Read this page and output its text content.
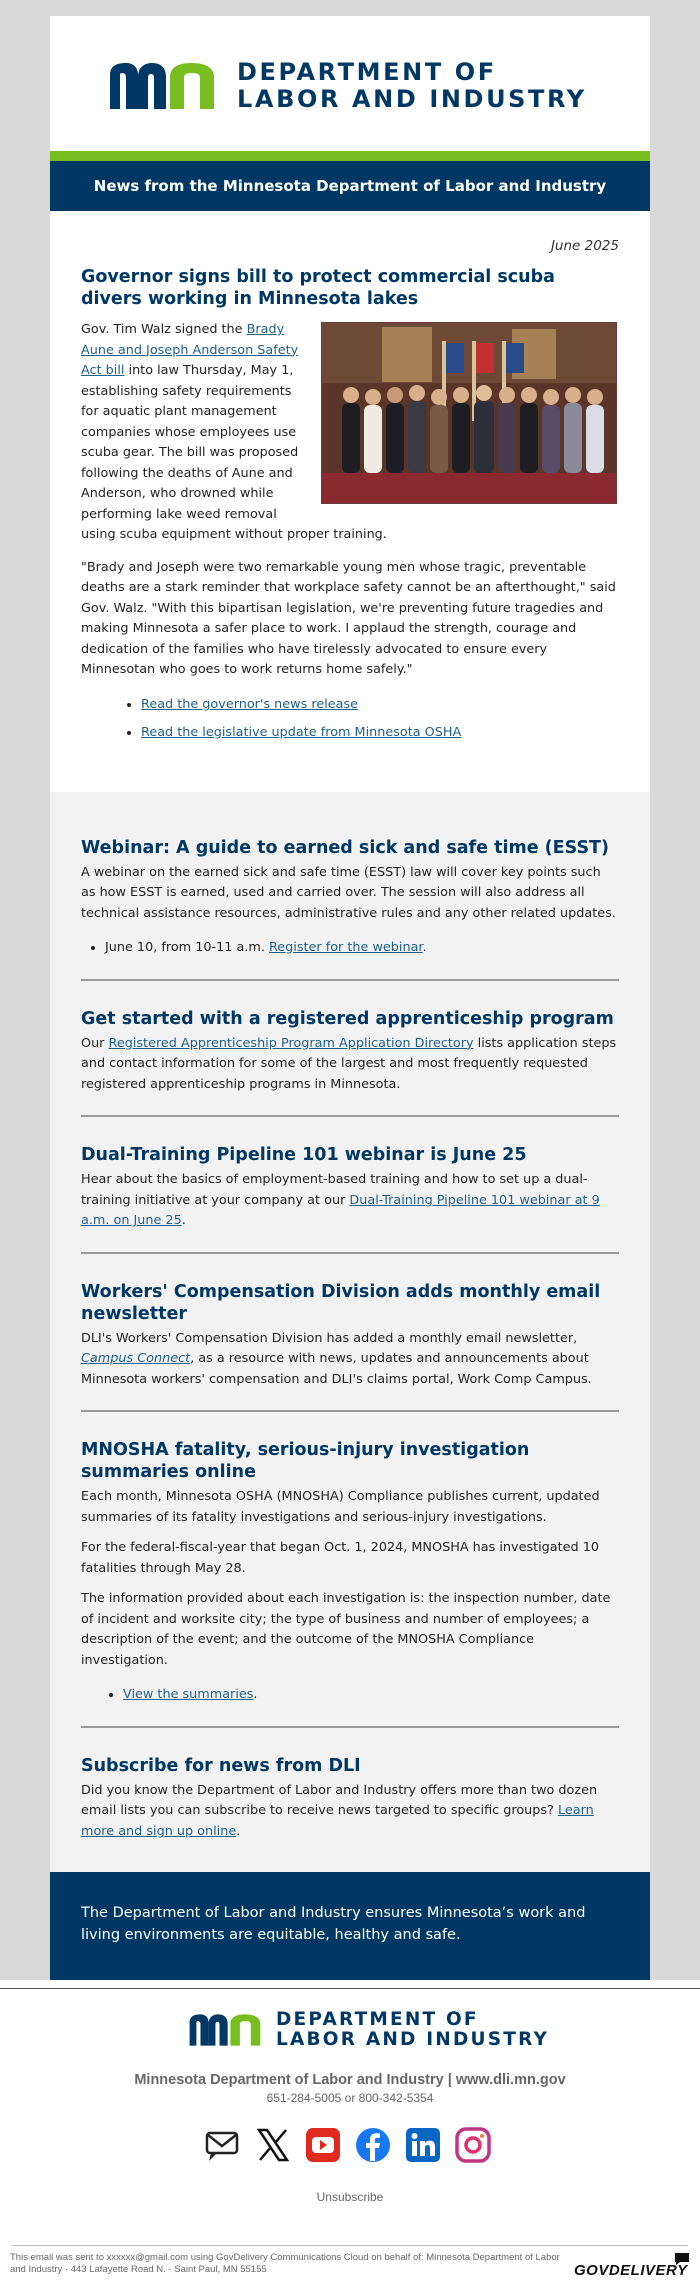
DEPARTMENT OF
LABOR AND INDUSTRY
News from the Minnesota Department of Labor and Industry
June 2025
Governor signs bill to protect commercial scuba divers working in Minnesota lakes

Gov. Tim Walz signed the Brady Aune and Joseph Anderson Safety Act bill into law Thursday, May 1, establishing safety requirements for aquatic plant management companies whose employees use scuba gear. The bill was proposed following the deaths of Aune and Anderson, who drowned while performing lake weed removal using scuba equipment without proper training.

"Brady and Joseph were two remarkable young men whose tragic, preventable deaths are a stark reminder that workplace safety cannot be an afterthought," said Gov. Walz. "With this bipartisan legislation, we're preventing future tragedies and making Minnesota a safer place to work. I applaud the strength, courage and dedication of the families who have tirelessly advocated to ensure every Minnesotan who goes to work returns home safely."

• Read the governor's news release
• Read the legislative update from Minnesota OSHA
Webinar: A guide to earned sick and safe time (ESST)

A webinar on the earned sick and safe time (ESST) law will cover key points such as how ESST is earned, used and carried over. The session will also address all technical assistance resources, administrative rules and any other related updates.

• June 10, from 10-11 a.m. Register for the webinar.
Get started with a registered apprenticeship program

Our Registered Apprenticeship Program Application Directory lists application steps and contact information for some of the largest and most frequently requested registered apprenticeship programs in Minnesota.

Dual-Training Pipeline 101 webinar is June 25

Hear about the basics of employment-based training and how to set up a dual-training initiative at your company at our Dual-Training Pipeline 101 webinar at 9 a.m. on June 25.

Workers' Compensation Division adds monthly email newsletter

DLI's Workers' Compensation Division has added a monthly email newsletter, Campus Connect, as a resource with news, updates and announcements about Minnesota workers' compensation and DLI's claims portal, Work Comp Campus.

MNOSHA fatality, serious-injury investigation summaries online

Each month, Minnesota OSHA (MNOSHA) Compliance publishes current, updated summaries of its fatality investigations and serious-injury investigations.

For the federal-fiscal-year that began Oct. 1, 2024, MNOSHA has investigated 10 fatalities through May 28.

The information provided about each investigation is: the inspection number, date of incident and worksite city; the type of business and number of employees; a description of the event; and the outcome of the MNOSHA Compliance investigation.

• View the summaries.
Subscribe for news from DLI

Did you know the Department of Labor and Industry offers more than two dozen email lists you can subscribe to receive news targeted to specific groups? Learn more and sign up online.

The Department of Labor and Industry ensures Minnesota’s work and living environments are equitable, healthy and safe.
DEPARTMENT OF
LABOR AND INDUSTRY
Minnesota Department of Labor and Industry | www.dli.mn.gov
651-284-5005 or 800-342-5354
Unsubscribe
This email was sent to xxxxxx@gmail.com using GovDelivery Communications Cloud on behalf of: Minnesota Department of Labor and Industry · 443 Lafayette Road N. · Saint Paul, MN 55155	GOVDELIVERY
